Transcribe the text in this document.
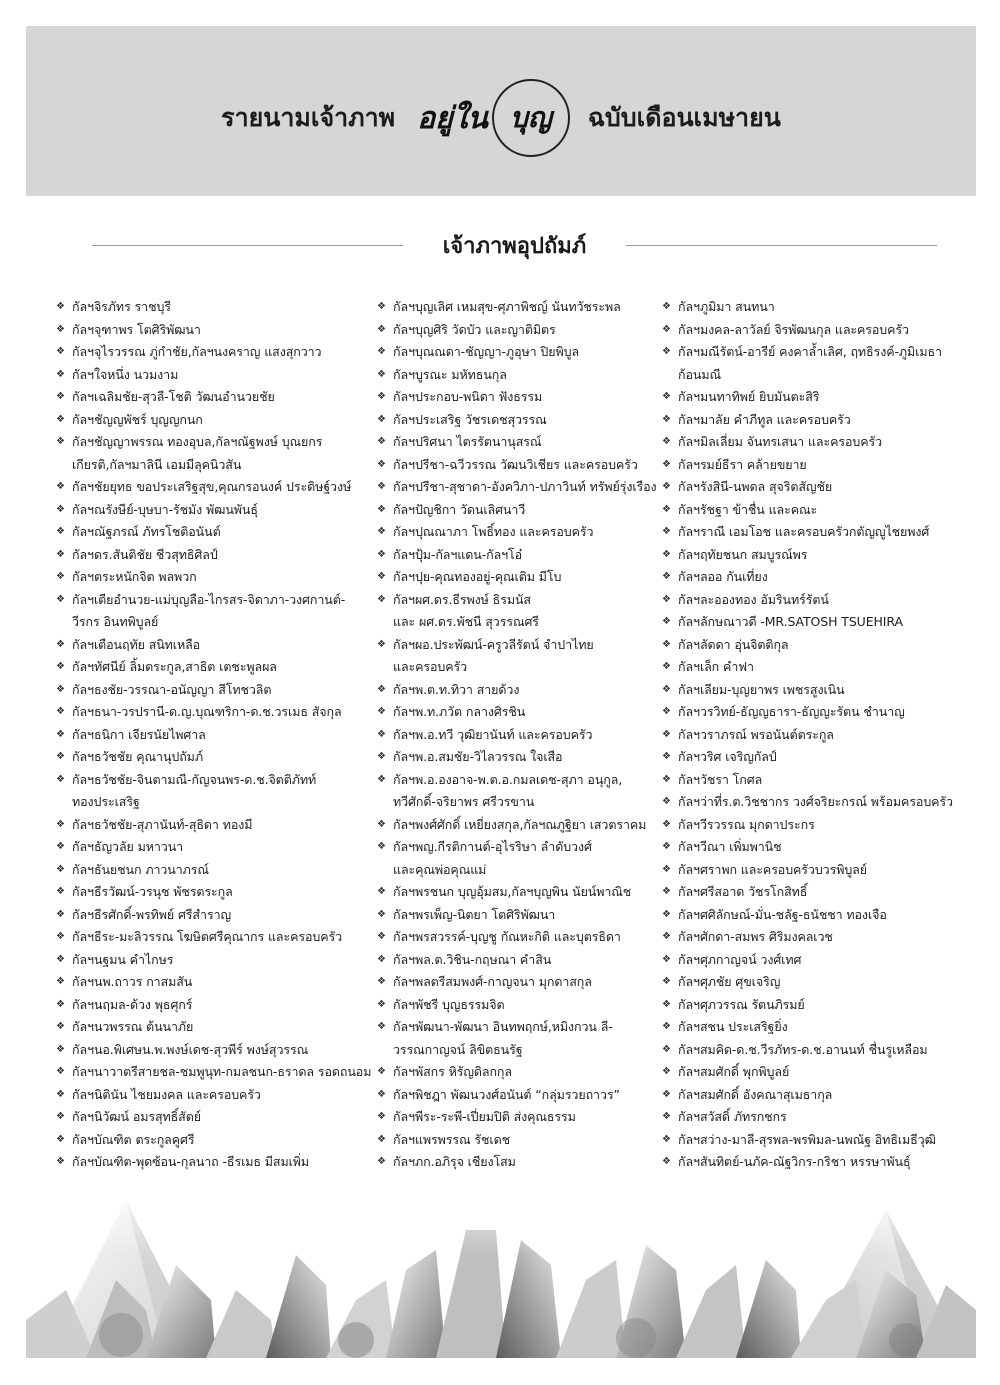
รายนามเจ้าภาพ อยู่ใน บุญ ฉบับเดือนเมษายน
เจ้าภาพอุปถัมภ์
❖ กัลฯจิรภัทร ราชบุรี
❖ กัลฯจุฑาพร โตศิริพัฒนา
❖ กัลฯจุไรวรรณ ภู่กำชัย,กัลฯนงคราญ แสงสุกวาว
❖ กัลฯใจหนึ่ง นวมงาม
❖ กัลฯเฉลิมชัย-สุวลี-โชติ วัฒนอำนวยชัย
❖ กัลฯชัญญพัชร์ บุญญกนก
❖ กัลฯชัญญาพรรณ ทองอุบล,กัลฯณัฐพงษ์ บุณยกร
เกียรติ,กัลฯมาลินี เอมมีลุคนิวสัน
❖ กัลฯชัยยุทธ ขอประเสริฐสุข,คุณกรอนงค์ ประดิษฐ์วงษ์
❖ กัลฯณรังษีย์-บุษบา-รัชมัง พัฒนพันธุ์
❖ กัลฯณัฐภรณ์ ภัทรโชติอนันต์
❖ กัลฯดร.สันติชัย ชีวสุทธิศิลป์
❖ กัลฯตระหนักจิต พลพวก
❖ กัลฯเตียอำนวย-แม่บุญลือ-ไกรสร-จิดาภา-วงศกานต์-
วีรกร อินทพิบูลย์
❖ กัลฯเตือนฤทัย สนิทเหลือ
❖ กัลฯทัศนีย์ ลิ้มตระกูล,สาธิต เตชะพูลผล
❖ กัลฯธงชัย-วรรณา-อนัญญา สีโทชวลิต
❖ กัลฯธนา-วรปรานี-ด.ญ.บุณฑริกา-ด.ช.วรเมธ สัจกุล
❖ กัลฯธนิกา เจียรนัยไพศาล
❖ กัลฯธวัชชัย คุณานุปถัมภ์
❖ กัลฯธวัชชัย-จินตามณี-กัญจนพร-ด.ช.จิตติภัทท์
ทองประเสริฐ
❖ กัลฯธวัชชัย-สุภานันท์-สุธิดา ทองมี
❖ กัลฯธัญวลัย มหาวนา
❖ กัลฯธันยชนก ภาวนาภรณ์
❖ กัลฯธีรวัฒน์-วรนุช พัชรตระกูล
❖ กัลฯธีรศักดิ์-พรทิพย์ ศรีสำราญ
❖ กัลฯธีระ-มะลิวรรณ โฆษิตศรีคุณากร และครอบครัว
❖ กัลฯนฐมน คำไกษร
❖ กัลฯนพ.ถาวร กาสมสัน
❖ กัลฯนฤมล-ด้วง พุธศุกร์
❖ กัลฯนวพรรณ ต้นนาภัย
❖ กัลฯนอ.พิเศษน.พ.พงษ์เดช-สุวพีร์ พงษ์สุวรรณ
❖ กัลฯนาวาตรีสายชล-ชมพูนุท-กมลชนก-ธราดล รอดถนอม
❖ กัลฯนิตินัน ไชยมงคล และครอบครัว
❖ กัลฯนิวัฒน์ อมรสุทธิ์สัตย์
❖ กัลฯบัณฑิต ตระกูลคูศรี
❖ กัลฯบัณฑิต-พุดซ้อน-กุลนาถ -ธีรเมธ มีสมเพิ่ม
❖ กัลฯบุญเลิศ เหมสุข-ศุภาพิชญ์ นันทวัชระพล
❖ กัลฯบุญศิริ วัดบัว และญาติมิตร
❖ กัลฯบุณณดา-ชัญญา-ภูอุษา ปิยพิบูล
❖ กัลฯบูรณะ มหัทธนกุล
❖ กัลฯประกอบ-พนิดา ฟังธรรม
❖ กัลฯประเสริฐ วัชรเดชสุวรรณ
❖ กัลฯปริศนา ไตรรัตนานุสรณ์
❖ กัลฯปรีชา-ฉวีวรรณ วัฒนวิเชียร และครอบครัว
❖ กัลฯปรีชา-สุชาดา-อังควิภา-ปภาวินท์ ทรัพย์รุ่งเรือง
❖ กัลฯปัญชิกา วัดนเลิศนาวี
❖ กัลฯปุณณาภา โพธิ์ทอง และครอบครัว
❖ กัลฯปุ้ม-กัลฯแดน-กัลฯโอ๋
❖ กัลฯปุย-คุณทองอยู่-คุณเติม มีโบ
❖ กัลฯผศ.ดร.ธีรพงษ์ ธิรมนัส
และ ผศ.ดร.พัชนี สุวรรณศรี
❖ กัลฯผอ.ประพัฒน์-ครูวลีรัตน์ จำปาไทย
และครอบครัว
❖ กัลฯพ.ต.ท.ทิวา สายด้วง
❖ กัลฯพ.ท.ภวัต กลางศิรชิน
❖ กัลฯพ.อ.ทวี วุฒิยานันท์ และครอบครัว
❖ กัลฯพ.อ.สมชัย-วิไลวรรณ ใจเสือ
❖ กัลฯพ.อ.องอาจ-พ.ต.อ.กมลเดช-สุภา อนุกูล,
ทวีศักดิ์-จริยาพร ศรีวรขาน
❖ กัลฯพงศ์ศักดิ์ เหยี่ยงสกุล,กัลฯณภูฐิยา เสวตราคม
❖ กัลฯพญ.กีรติกานต์-อุไรริษา ลำดับวงศ์
และคุณพ่อคุณแม่
❖ กัลฯพรชนก บุญอุ้มสม,กัลฯบุญพิน นัยน์พาณิช
❖ กัลฯพรเพ็ญ-นิตยา โตศิริพัฒนา
❖ กัลฯพรสวรรค์-บุญชู กัณหะกิติ และบุตรธิดา
❖ กัลฯพล.ต.วิชิน-กฤษณา คำสิน
❖ กัลฯพลตรีสมพงศ์-กาญจนา มุกดาสกุล
❖ กัลฯพัชรี บุญธรรมจิต
❖ กัลฯพัฒนา-พัฒนา อินทพฤกษ์,หมิงกวน ลี-
วรรณกาญจน์ ลิขิตธนรัฐ
❖ กัลฯพัสกร หิรัญดิลกกุล
❖ กัลฯพิชฎา พัฒนวงศ์อนันต์ “กลุ่มรวยถาวร”
❖ กัลฯพีระ-ระพี-เปี่ยมปิติ ส่งคุณธรรม
❖ กัลฯแพรพรรณ รัชเดช
❖ กัลฯภก.อภิรุจ เชียงโสม
❖ กัลฯภูมิมา สนทนา
❖ กัลฯมงคล-ลาวัลย์ จิรพัฒนกุล และครอบครัว
❖ กัลฯมณีรัตน์-อารีย์ คงคาล้ำเลิศ, ฤทธิรงค์-ภูมิเมธา
ก้อนมณี
❖ กัลฯมนทาทิพย์ ยิบมันตะสิริ
❖ กัลฯมาลัย คำภีทูล และครอบครัว
❖ กัลฯมิลเลี่ยม จันทรเสนา และครอบครัว
❖ กัลฯรมย์ธีรา คล้ายขยาย
❖ กัลฯรังสินี-นพดล สุจริตสัญชัย
❖ กัลฯรัชฐา ข้าชื่น และคณะ
❖ กัลฯราณี เอมโอช และครอบครัวกตัญญูไชยพงศ์
❖ กัลฯฤทัยชนก สมบูรณ์พร
❖ กัลฯลออ กันเที่ยง
❖ กัลฯละอองทอง อัมรินทร์รัตน์
❖ กัลฯลักษณาวดี -MR.SATOSH TSUEHIRA
❖ กัลฯลัดดา อุ่นจิตติกุล
❖ กัลฯเล็ก คำฟา
❖ กัลฯเลียม-บุญยาพร เพชรสูงเนิน
❖ กัลฯวรวิทย์-ธัญญธารา-ธัญญะรัตน ชำนาญ
❖ กัลฯวราภรณ์ พรอนันต์ตระกูล
❖ กัลฯวริศ เจริญกัลป์
❖ กัลฯวัชรา โกศล
❖ กัลฯว่าที่ร.ต.วิชชากร วงศ์จริยะกรณ์ พร้อมครอบครัว
❖ กัลฯวีรวรรณ มุกดาประกร
❖ กัลฯวีณา เพิ่มพานิช
❖ กัลฯศราพก และครอบครัวบวรพิบูลย์
❖ กัลฯศรีสอาด วัชรโกสิทธิ์
❖ กัลฯศศิลักษณ์-มั่น-ชลัฐ-ธนัชชา ทองเจือ
❖ กัลฯศักดา-สมพร ศิริมงคลเวช
❖ กัลฯศุภกาญจน์ วงศ์เทศ
❖ กัลฯศุภชัย ศุขเจริญ
❖ กัลฯศุภวรรณ รัตนภิรมย์
❖ กัลฯสชน ประเสริฐยิ่ง
❖ กัลฯสมคิด-ด.ช.วีรภัทร-ด.ช.อานนท์ ชื่นรูเหลือม
❖ กัลฯสมศักดิ์ พุกพิบูลย์
❖ กัลฯสมศักดิ์ อังคณาสุเมธากุล
❖ กัลฯสวัสดิ์ ภัทรกชกร
❖ กัลฯสว่าง-มาลี-สุรพล-พรพิมล-นพณัฐ อิทธิเมธีวุฒิ
❖ กัลฯสันทิตย์-นภัค-ณัฐวิกร-กริชา หรรษาพันธุ์
